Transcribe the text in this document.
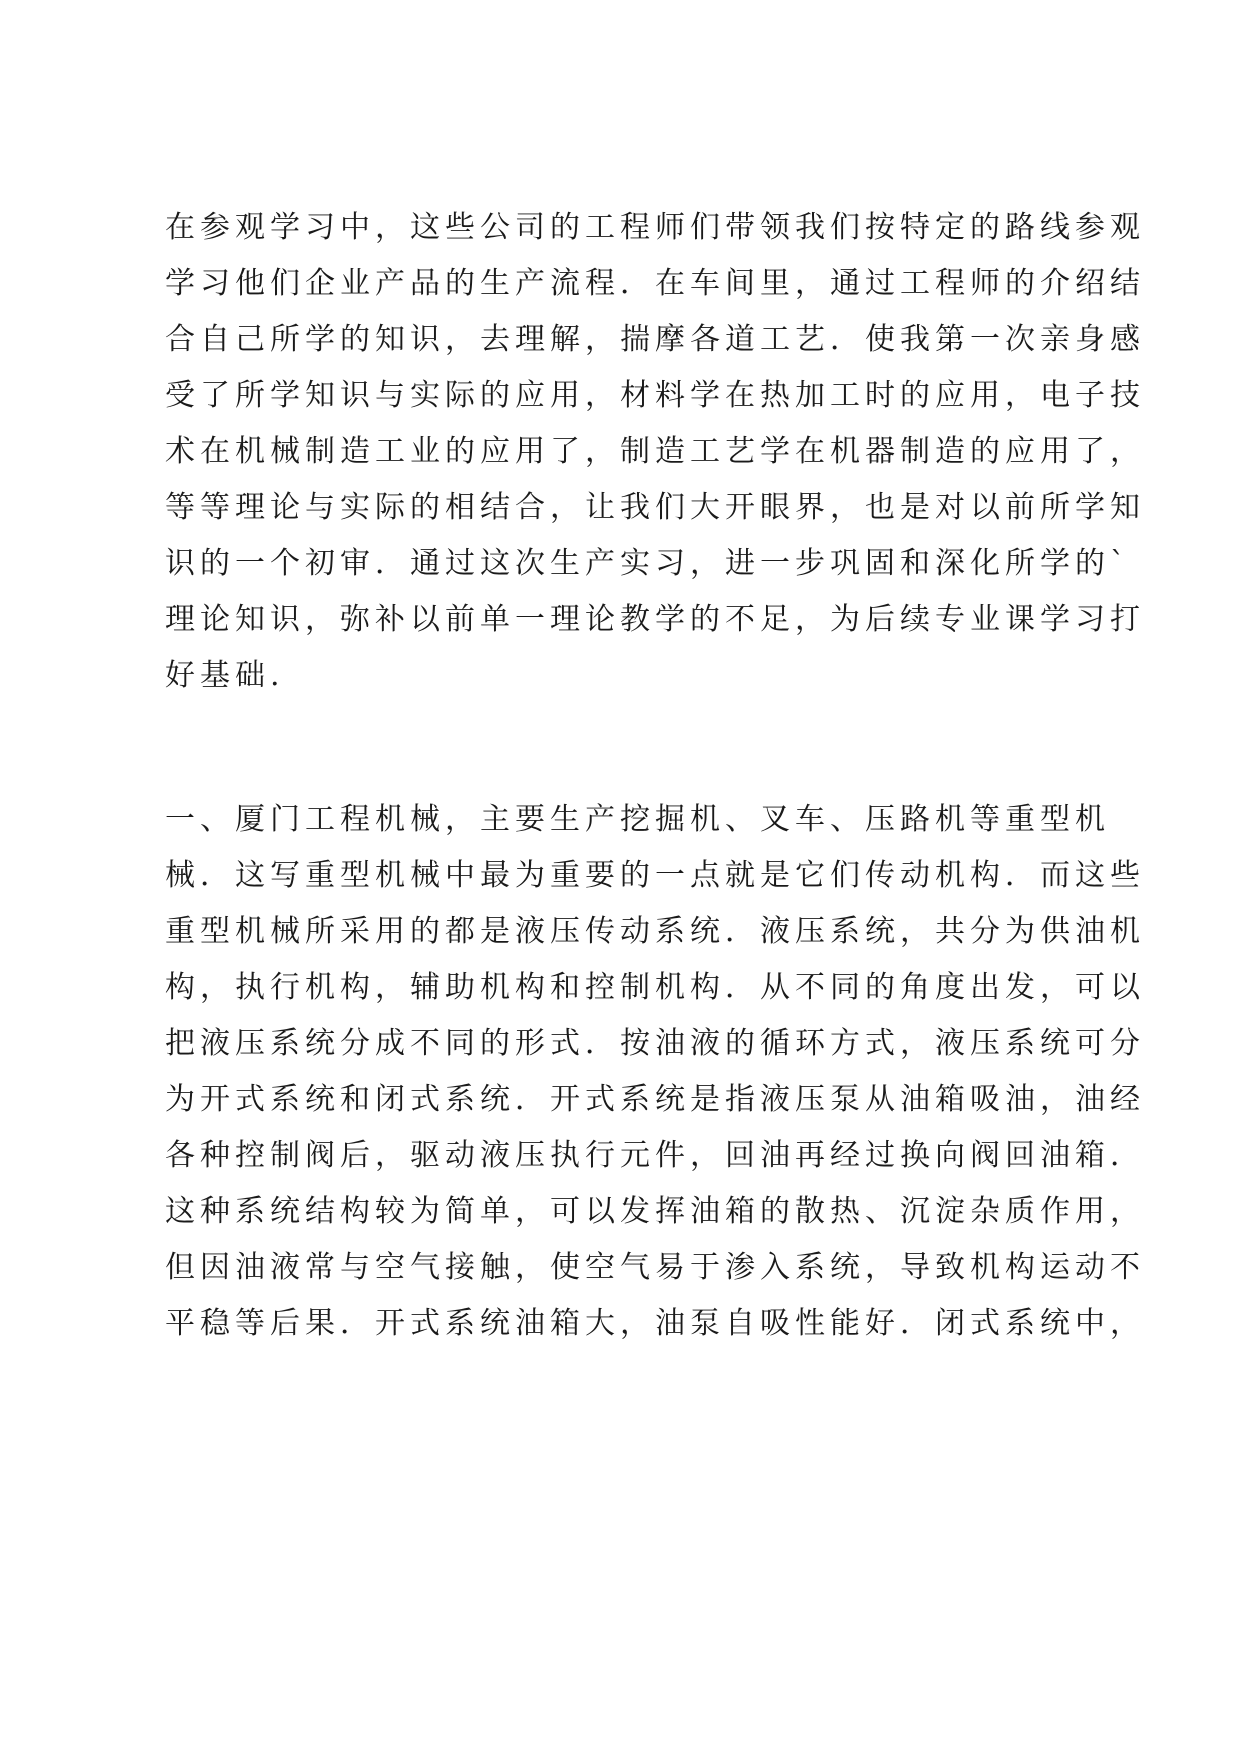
在参观学习中，这些公司的工程师们带领我们按特定的路线参观

学习他们企业产品的生产流程．在车间里，通过工程师的介绍结

合自己所学的知识，去理解，揣摩各道工艺．使我第一次亲身感

受了所学知识与实际的应用，材料学在热加工时的应用，电子技

术在机械制造工业的应用了，制造工艺学在机器制造的应用了，

等等理论与实际的相结合，让我们大开眼界，也是对以前所学知

识的一个初审．通过这次生产实习，进一步巩固和深化所学的`

理论知识，弥补以前单一理论教学的不足，为后续专业课学习打

好基础.

一、厦门工程机械，主要生产挖掘机、叉车、压路机等重型机

械．这写重型机械中最为重要的一点就是它们传动机构．而这些

重型机械所采用的都是液压传动系统．液压系统，共分为供油机

构，执行机构，辅助机构和控制机构．从不同的角度出发，可以

把液压系统分成不同的形式．按油液的循环方式，液压系统可分

为开式系统和闭式系统．开式系统是指液压泵从油箱吸油，油经

各种控制阀后，驱动液压执行元件，回油再经过换向阀回油箱．

这种系统结构较为简单，可以发挥油箱的散热、沉淀杂质作用，

但因油液常与空气接触，使空气易于渗入系统，导致机构运动不

平稳等后果．开式系统油箱大，油泵自吸性能好．闭式系统中，
